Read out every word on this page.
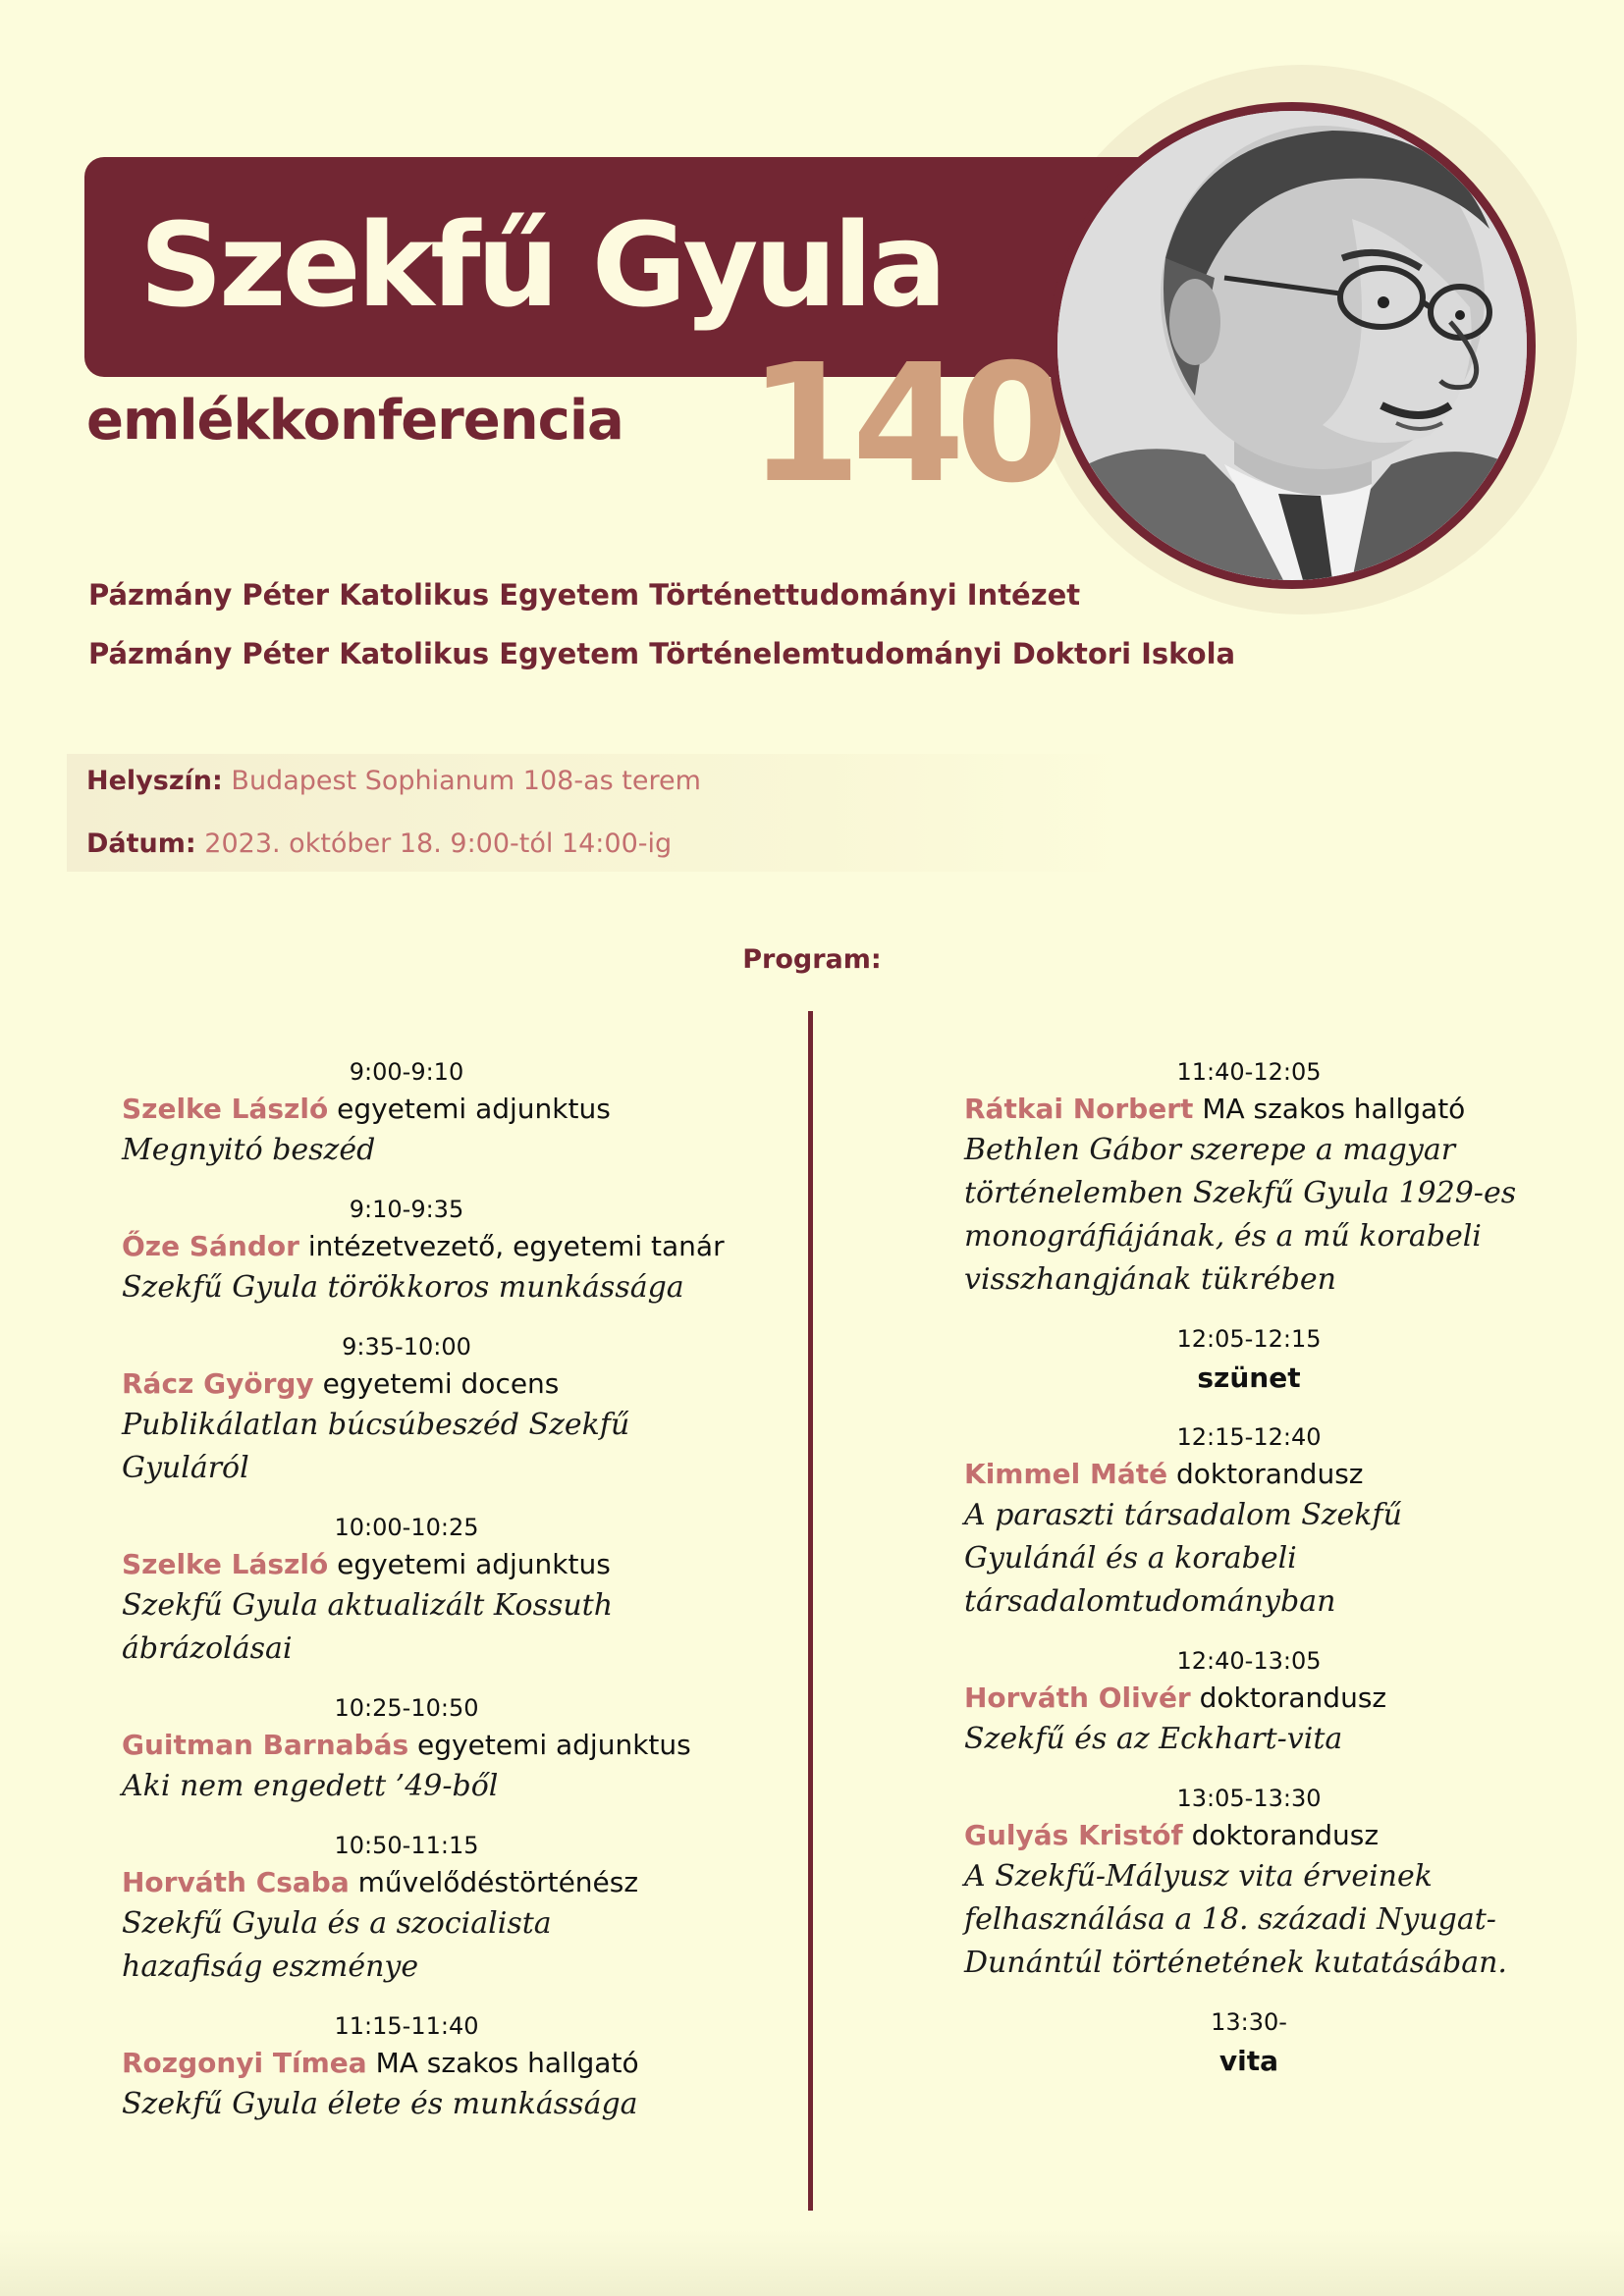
Szekfű Gyula
140
emlékkonferencia
Pázmány Péter Katolikus Egyetem Történettudományi Intézet
Pázmány Péter Katolikus Egyetem Történelemtudományi Doktori Iskola
Helyszín: Budapest Sophianum 108-as terem
Dátum: 2023. október 18. 9:00-tól 14:00-ig
Program:
9:00-9:10
Szelke László egyetemi adjunktus
Megnyitó beszéd
9:10-9:35
Őze Sándor intézetvezető, egyetemi tanár
Szekfű Gyula törökkoros munkássága
9:35-10:00
Rácz György egyetemi docens
Publikálatlan búcsúbeszéd Szekfű Gyuláról
10:00-10:25
Szelke László egyetemi adjunktus
Szekfű Gyula aktualizált Kossuth ábrázolásai
10:25-10:50
Guitman Barnabás egyetemi adjunktus
Aki nem engedett ’49-ből
10:50-11:15
Horváth Csaba művelődéstörténész
Szekfű Gyula és a szocialista hazafiság eszménye
11:15-11:40
Rozgonyi Tímea MA szakos hallgató
Szekfű Gyula élete és munkássága
11:40-12:05
Rátkai Norbert MA szakos hallgató
Bethlen Gábor szerepe a magyar történelemben Szekfű Gyula 1929-es monográfiájának, és a mű korabeli visszhangjának tükrében
12:05-12:15
szünet
12:15-12:40
Kimmel Máté doktorandusz
A paraszti társadalom Szekfű Gyulánál és a korabeli társadalomtudományban
12:40-13:05
Horváth Olivér doktorandusz
Szekfű és az Eckhart-vita
13:05-13:30
Gulyás Kristóf doktorandusz
A Szekfű-Mályusz vita érveinek felhasználása a 18. századi Nyugat-Dunántúl történetének kutatásában.
13:30-
vita
